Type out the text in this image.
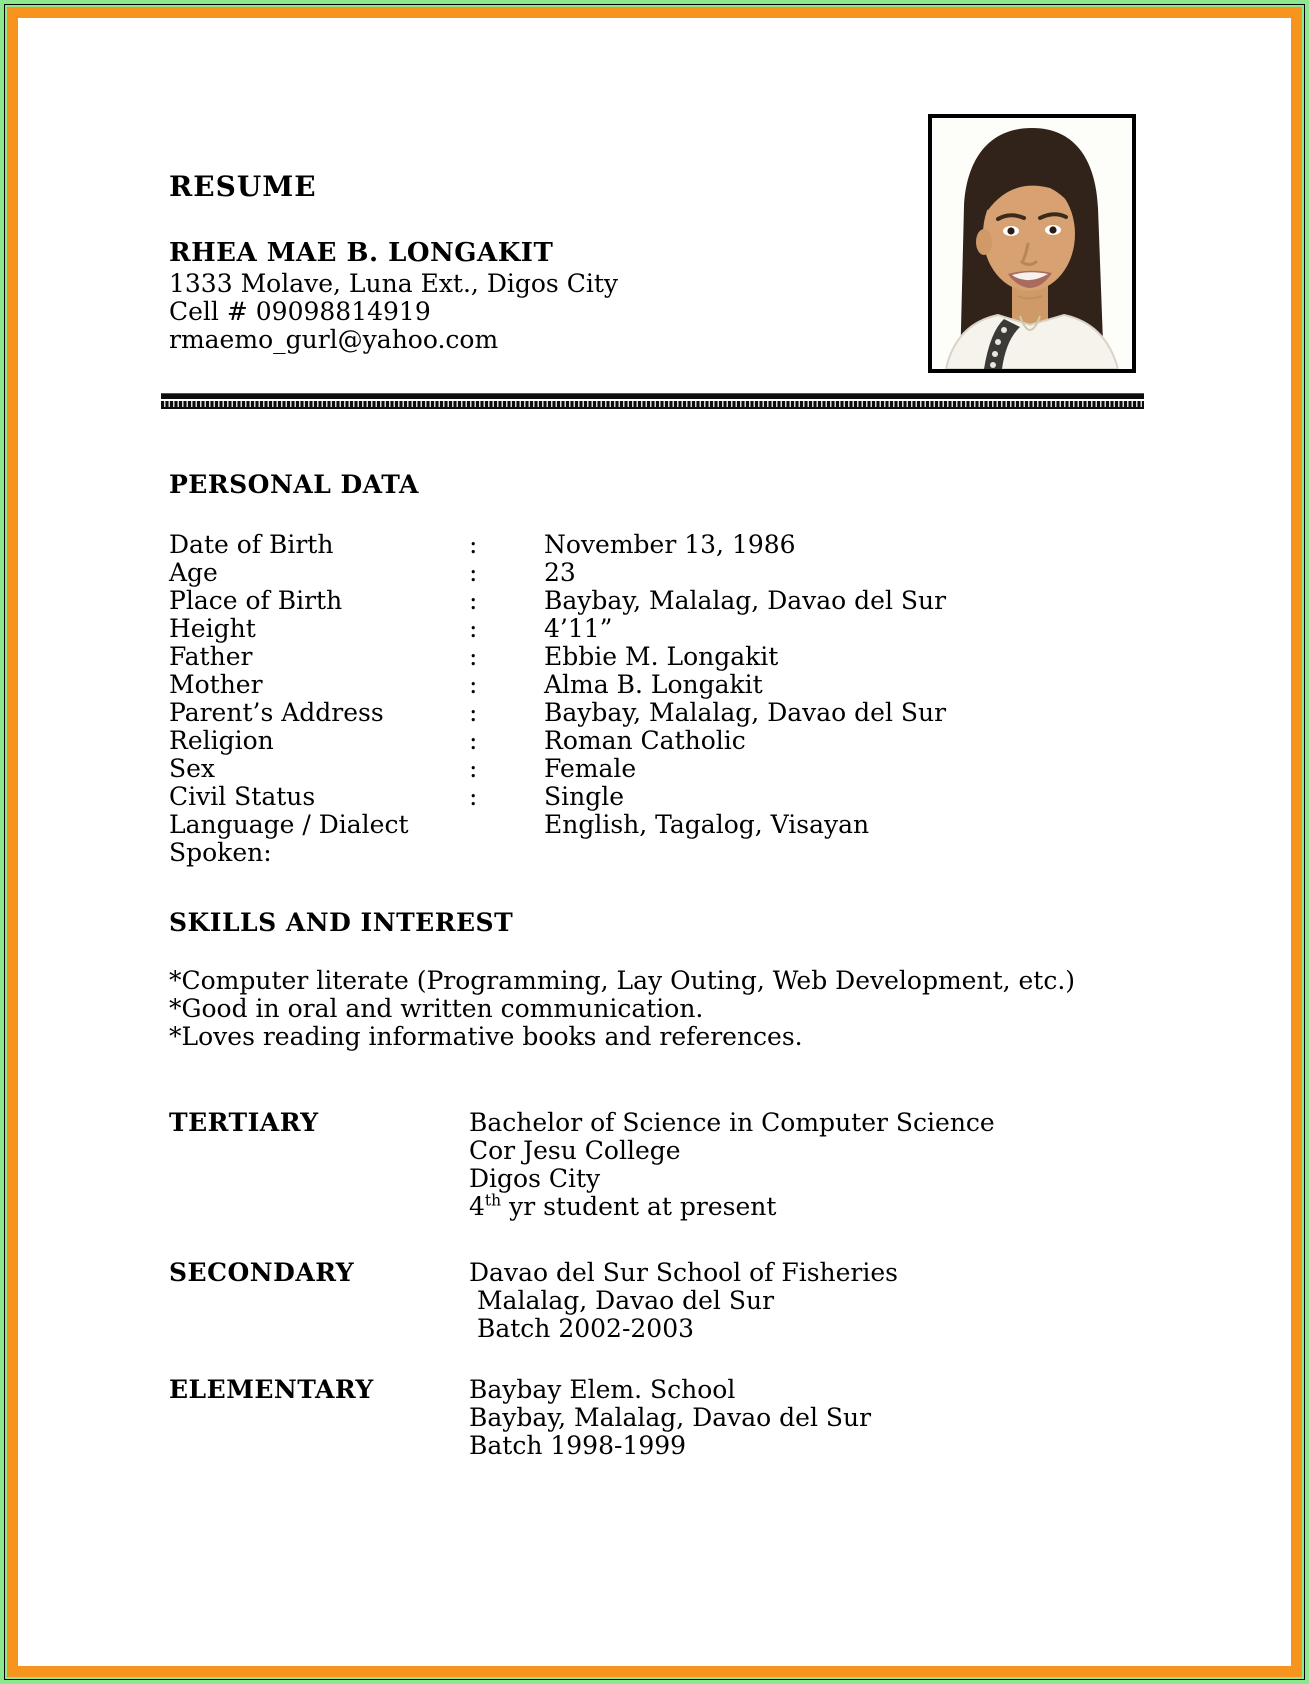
RESUME
RHEA MAE B. LONGAKIT
1333 Molave, Luna Ext., Digos City
Cell # 09098814919
rmaemo_gurl@yahoo.com
PERSONAL DATA
Date of Birth	:	November 13, 1986
Age	:	23
Place of Birth	:	Baybay, Malalag, Davao del Sur
Height	:	4’11”
Father	:	Ebbie M. Longakit
Mother	:	Alma B. Longakit
Parent’s Address	:	Baybay, Malalag, Davao del Sur
Religion	:	Roman Catholic
Sex	:	Female
Civil Status	:	Single
Language / Dialect Spoken:
English, Tagalog, Visayan
SKILLS AND INTEREST
*Computer literate (Programming, Lay Outing, Web Development, etc.)
*Good in oral and written communication.
*Loves reading informative books and references.
TERTIARY	Bachelor of Science in Computer Science
Cor Jesu College
Digos City
4th yr student at present
SECONDARY	Davao del Sur School of Fisheries
Malalag, Davao del Sur
Batch 2002-2003
ELEMENTARY	Baybay Elem. School
Baybay, Malalag, Davao del Sur
Batch 1998-1999
